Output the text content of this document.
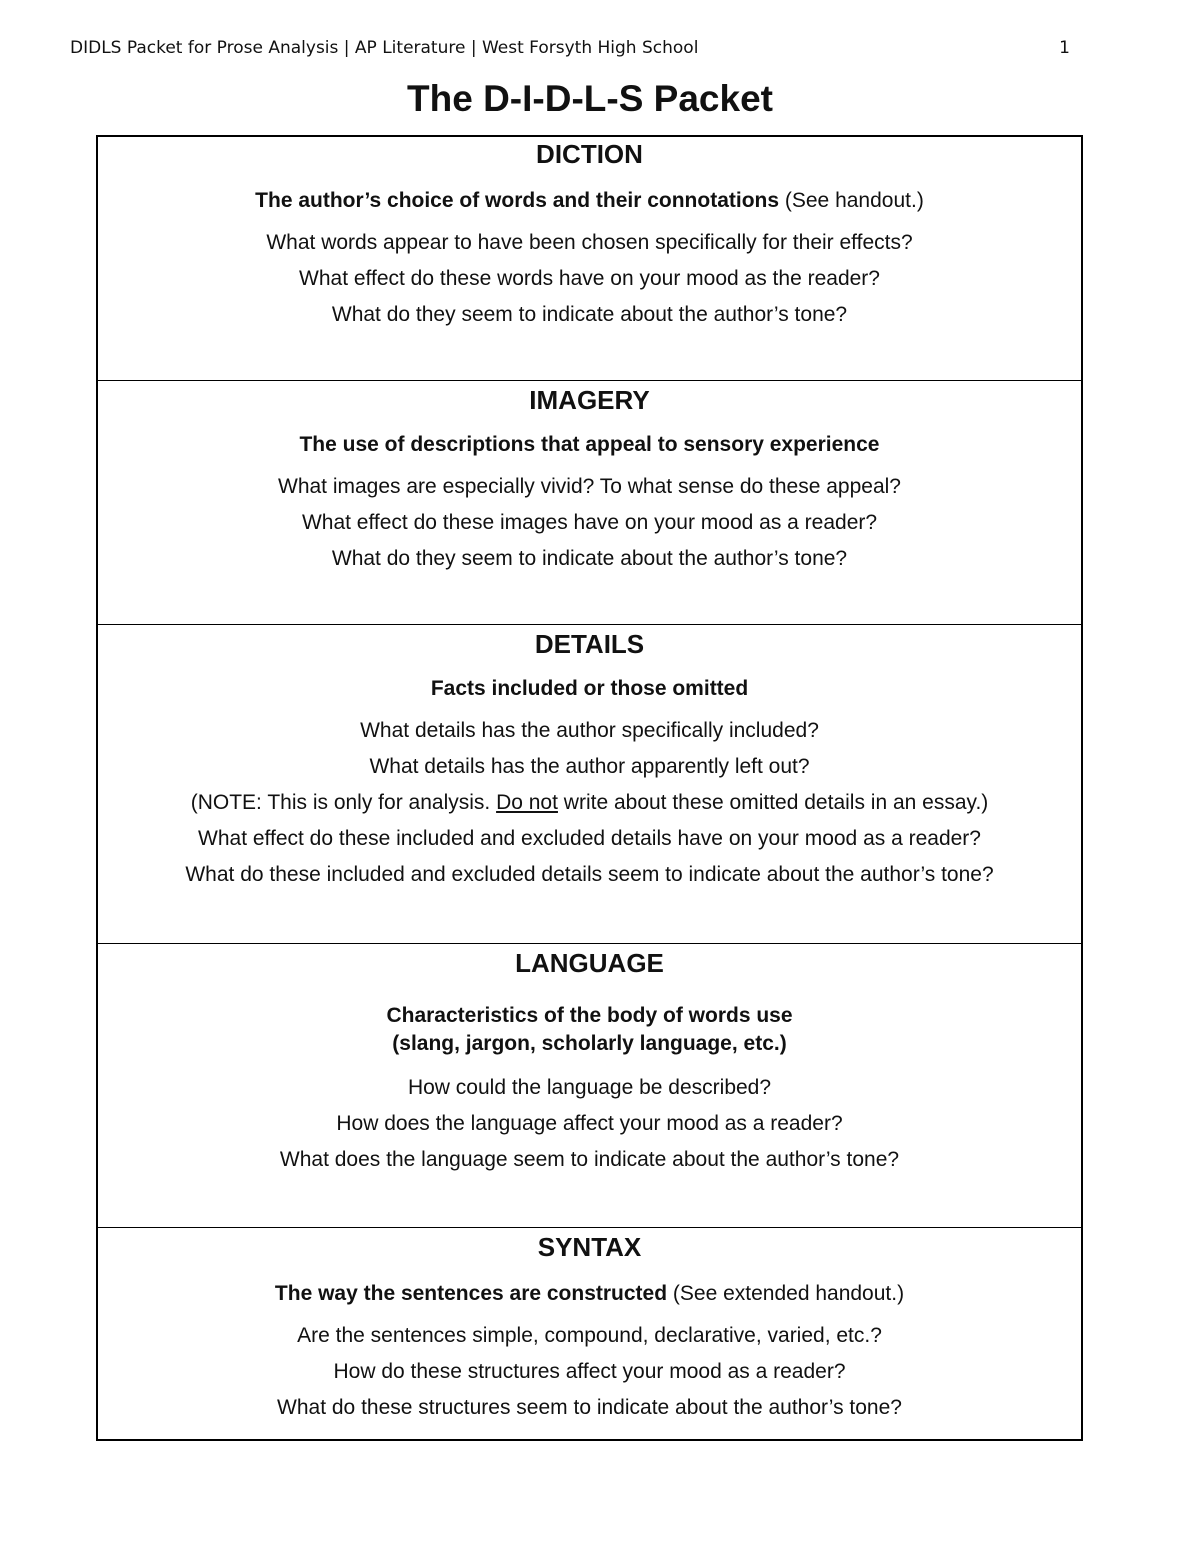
DIDLS Packet for Prose Analysis | AP Literature | West Forsyth High School	1
The D-I-D-L-S Packet

DICTION

The author’s choice of words and their connotations (See handout.)

What words appear to have been chosen specifically for their effects?

What effect do these words have on your mood as the reader?

What do they seem to indicate about the author’s tone?

IMAGERY

The use of descriptions that appeal to sensory experience

What images are especially vivid? To what sense do these appeal?

What effect do these images have on your mood as a reader?

What do they seem to indicate about the author’s tone?

DETAILS

Facts included or those omitted

What details has the author specifically included?

What details has the author apparently left out?

(NOTE: This is only for analysis. Do not write about these omitted details in an essay.)

What effect do these included and excluded details have on your mood as a reader?

What do these included and excluded details seem to indicate about the author’s tone?

LANGUAGE

Characteristics of the body of words use

(slang, jargon, scholarly language, etc.)

How could the language be described?

How does the language affect your mood as a reader?

What does the language seem to indicate about the author’s tone?

SYNTAX

The way the sentences are constructed (See extended handout.)

Are the sentences simple, compound, declarative, varied, etc.?

How do these structures affect your mood as a reader?

What do these structures seem to indicate about the author’s tone?
